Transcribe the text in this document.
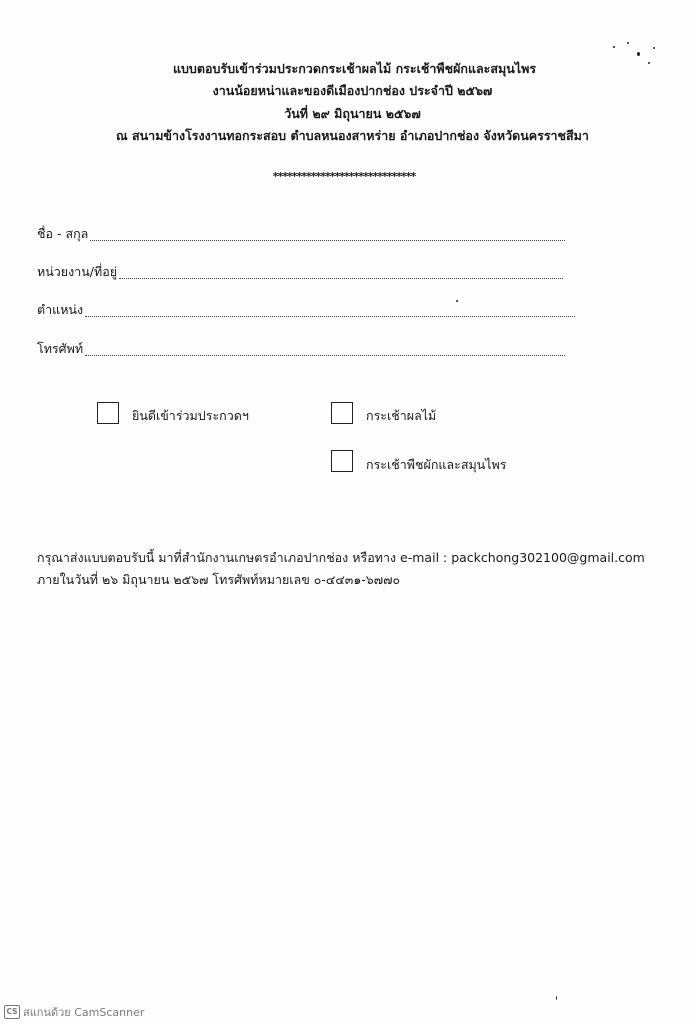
แบบตอบรับเข้าร่วมประกวดกระเช้าผลไม้ กระเช้าพืชผักและสมุนไพร
งานน้อยหน่าและของดีเมืองปากช่อง ประจำปี ๒๕๖๗
วันที่ ๒๙ มิถุนายน ๒๕๖๗
ณ สนามข้างโรงงานทอกระสอบ ตำบลหนองสาหร่าย อำเภอปากช่อง จังหวัดนครราชสีมา
******************************
ชื่อ - สกุล
หน่วยงาน/ที่อยู่
ตำแหน่ง
โทรศัพท์
ยินดีเข้าร่วมประกวดฯ	กระเช้าผลไม้
กระเช้าพืชผักและสมุนไพร
กรุณาส่งแบบตอบรับนี้ มาที่สำนักงานเกษตรอำเภอปากช่อง หรือทาง e-mail : packchong302100@gmail.com
ภายในวันที่ ๒๖ มิถุนายน ๒๕๖๗ โทรศัพท์หมายเลข ๐-๔๔๓๑-๖๗๗๐
CS สแกนด้วย CamScanner
